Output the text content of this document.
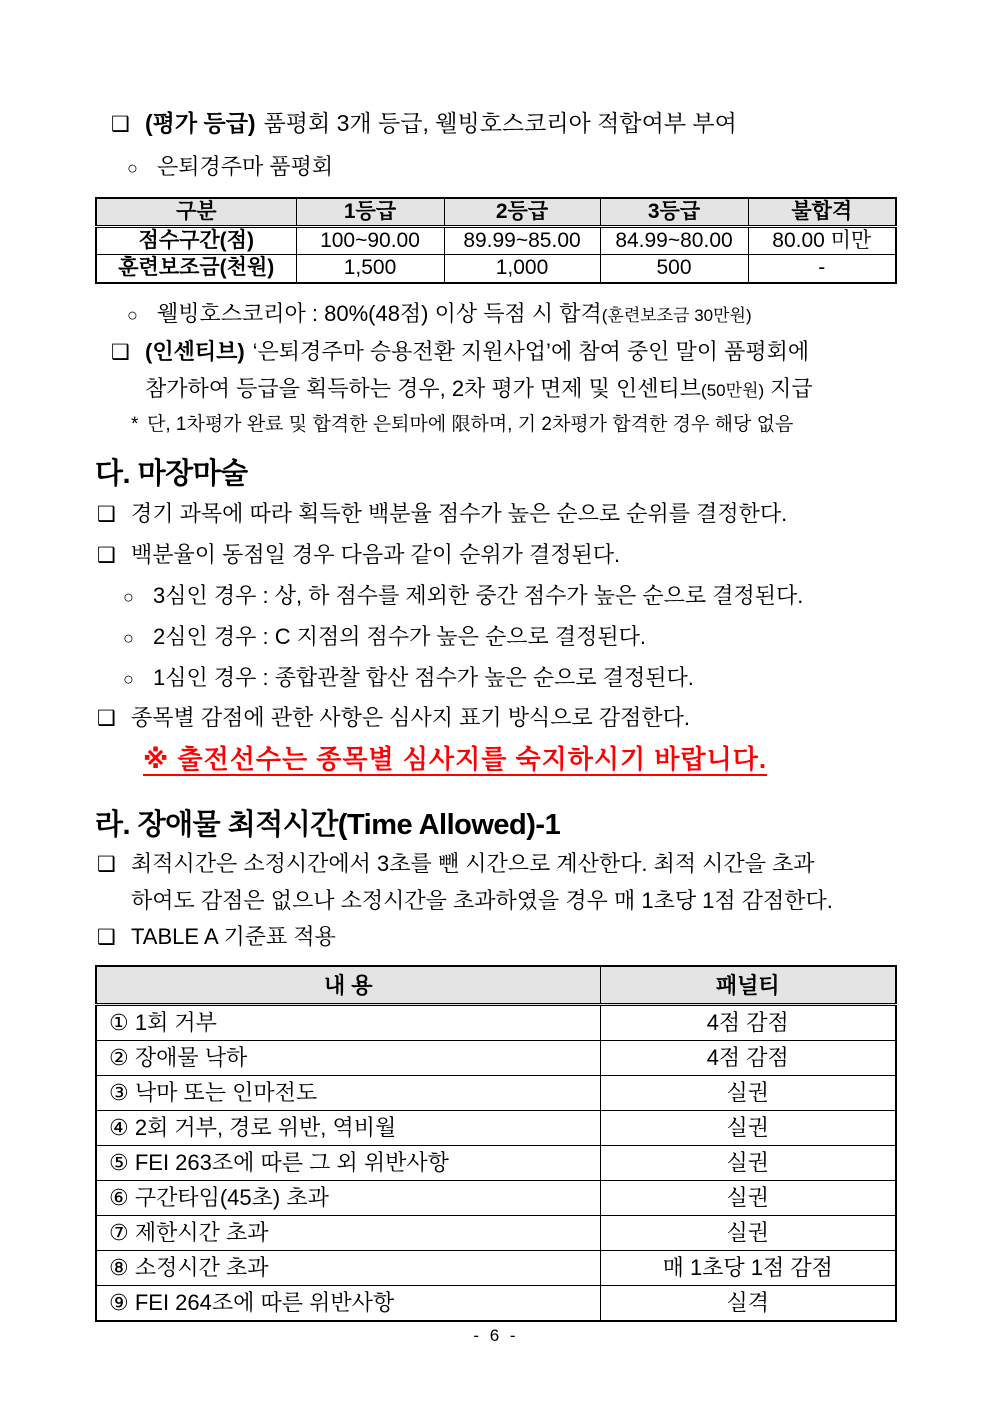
❑ (평가 등급) 품평회 3개 등급, 웰빙호스코리아 적합여부 부여
○ 은퇴경주마 품평회
구분	1등급	2등급	3등급	불합격
점수구간(점)	100~90.00	89.99~85.00	84.99~80.00	80.00 미만
훈련보조금(천원)	1,500	1,000	500	-
○ 웰빙호스코리아 : 80%(48점) 이상 득점 시 합격 (훈련보조금 30만원)
❑ (인센티브) ‘은퇴경주마 승용전환 지원사업’에 참여 중인 말이 품평회에
참가하여 등급을 획득하는 경우, 2차 평가 면제 및 인센티브 (50만원) 지급
* 단, 1차평가 완료 및 합격한 은퇴마에 限하며, 기 2차평가 합격한 경우 해당 없음
다. 마장마술
❑ 경기 과목에 따라 획득한 백분율 점수가 높은 순으로 순위를 결정한다.
❑ 백분율이 동점일 경우 다음과 같이 순위가 결정된다.
○ 3심인 경우 : 상, 하 점수를 제외한 중간 점수가 높은 순으로 결정된다.
○ 2심인 경우 : C 지점의 점수가 높은 순으로 결정된다.
○ 1심인 경우 : 종합관찰 합산 점수가 높은 순으로 결정된다.
❑ 종목별 감점에 관한 사항은 심사지 표기 방식으로 감점한다.
※ 출전선수는 종목별 심사지를 숙지하시기 바랍니다.
라. 장애물 최적시간(Time Allowed)-1
❑ 최적시간은 소정시간에서 3초를 뺀 시간으로 계산한다. 최적 시간을 초과
하여도 감점은 없으나 소정시간을 초과하였을 경우 매 1초당 1점 감점한다.
❑ TABLE A 기준표 적용
내 용	패널티
① 1회 거부	4점 감점
② 장애물 낙하	4점 감점
③ 낙마 또는 인마전도	실권
④ 2회 거부, 경로 위반, 역비월	실권
⑤ FEI 263조에 따른 그 외 위반사항	실권
⑥ 구간타임(45초) 초과	실권
⑦ 제한시간 초과	실권
⑧ 소정시간 초과	매 1초당 1점 감점
⑨ FEI 264조에 따른 위반사항	실격
- 6 -
